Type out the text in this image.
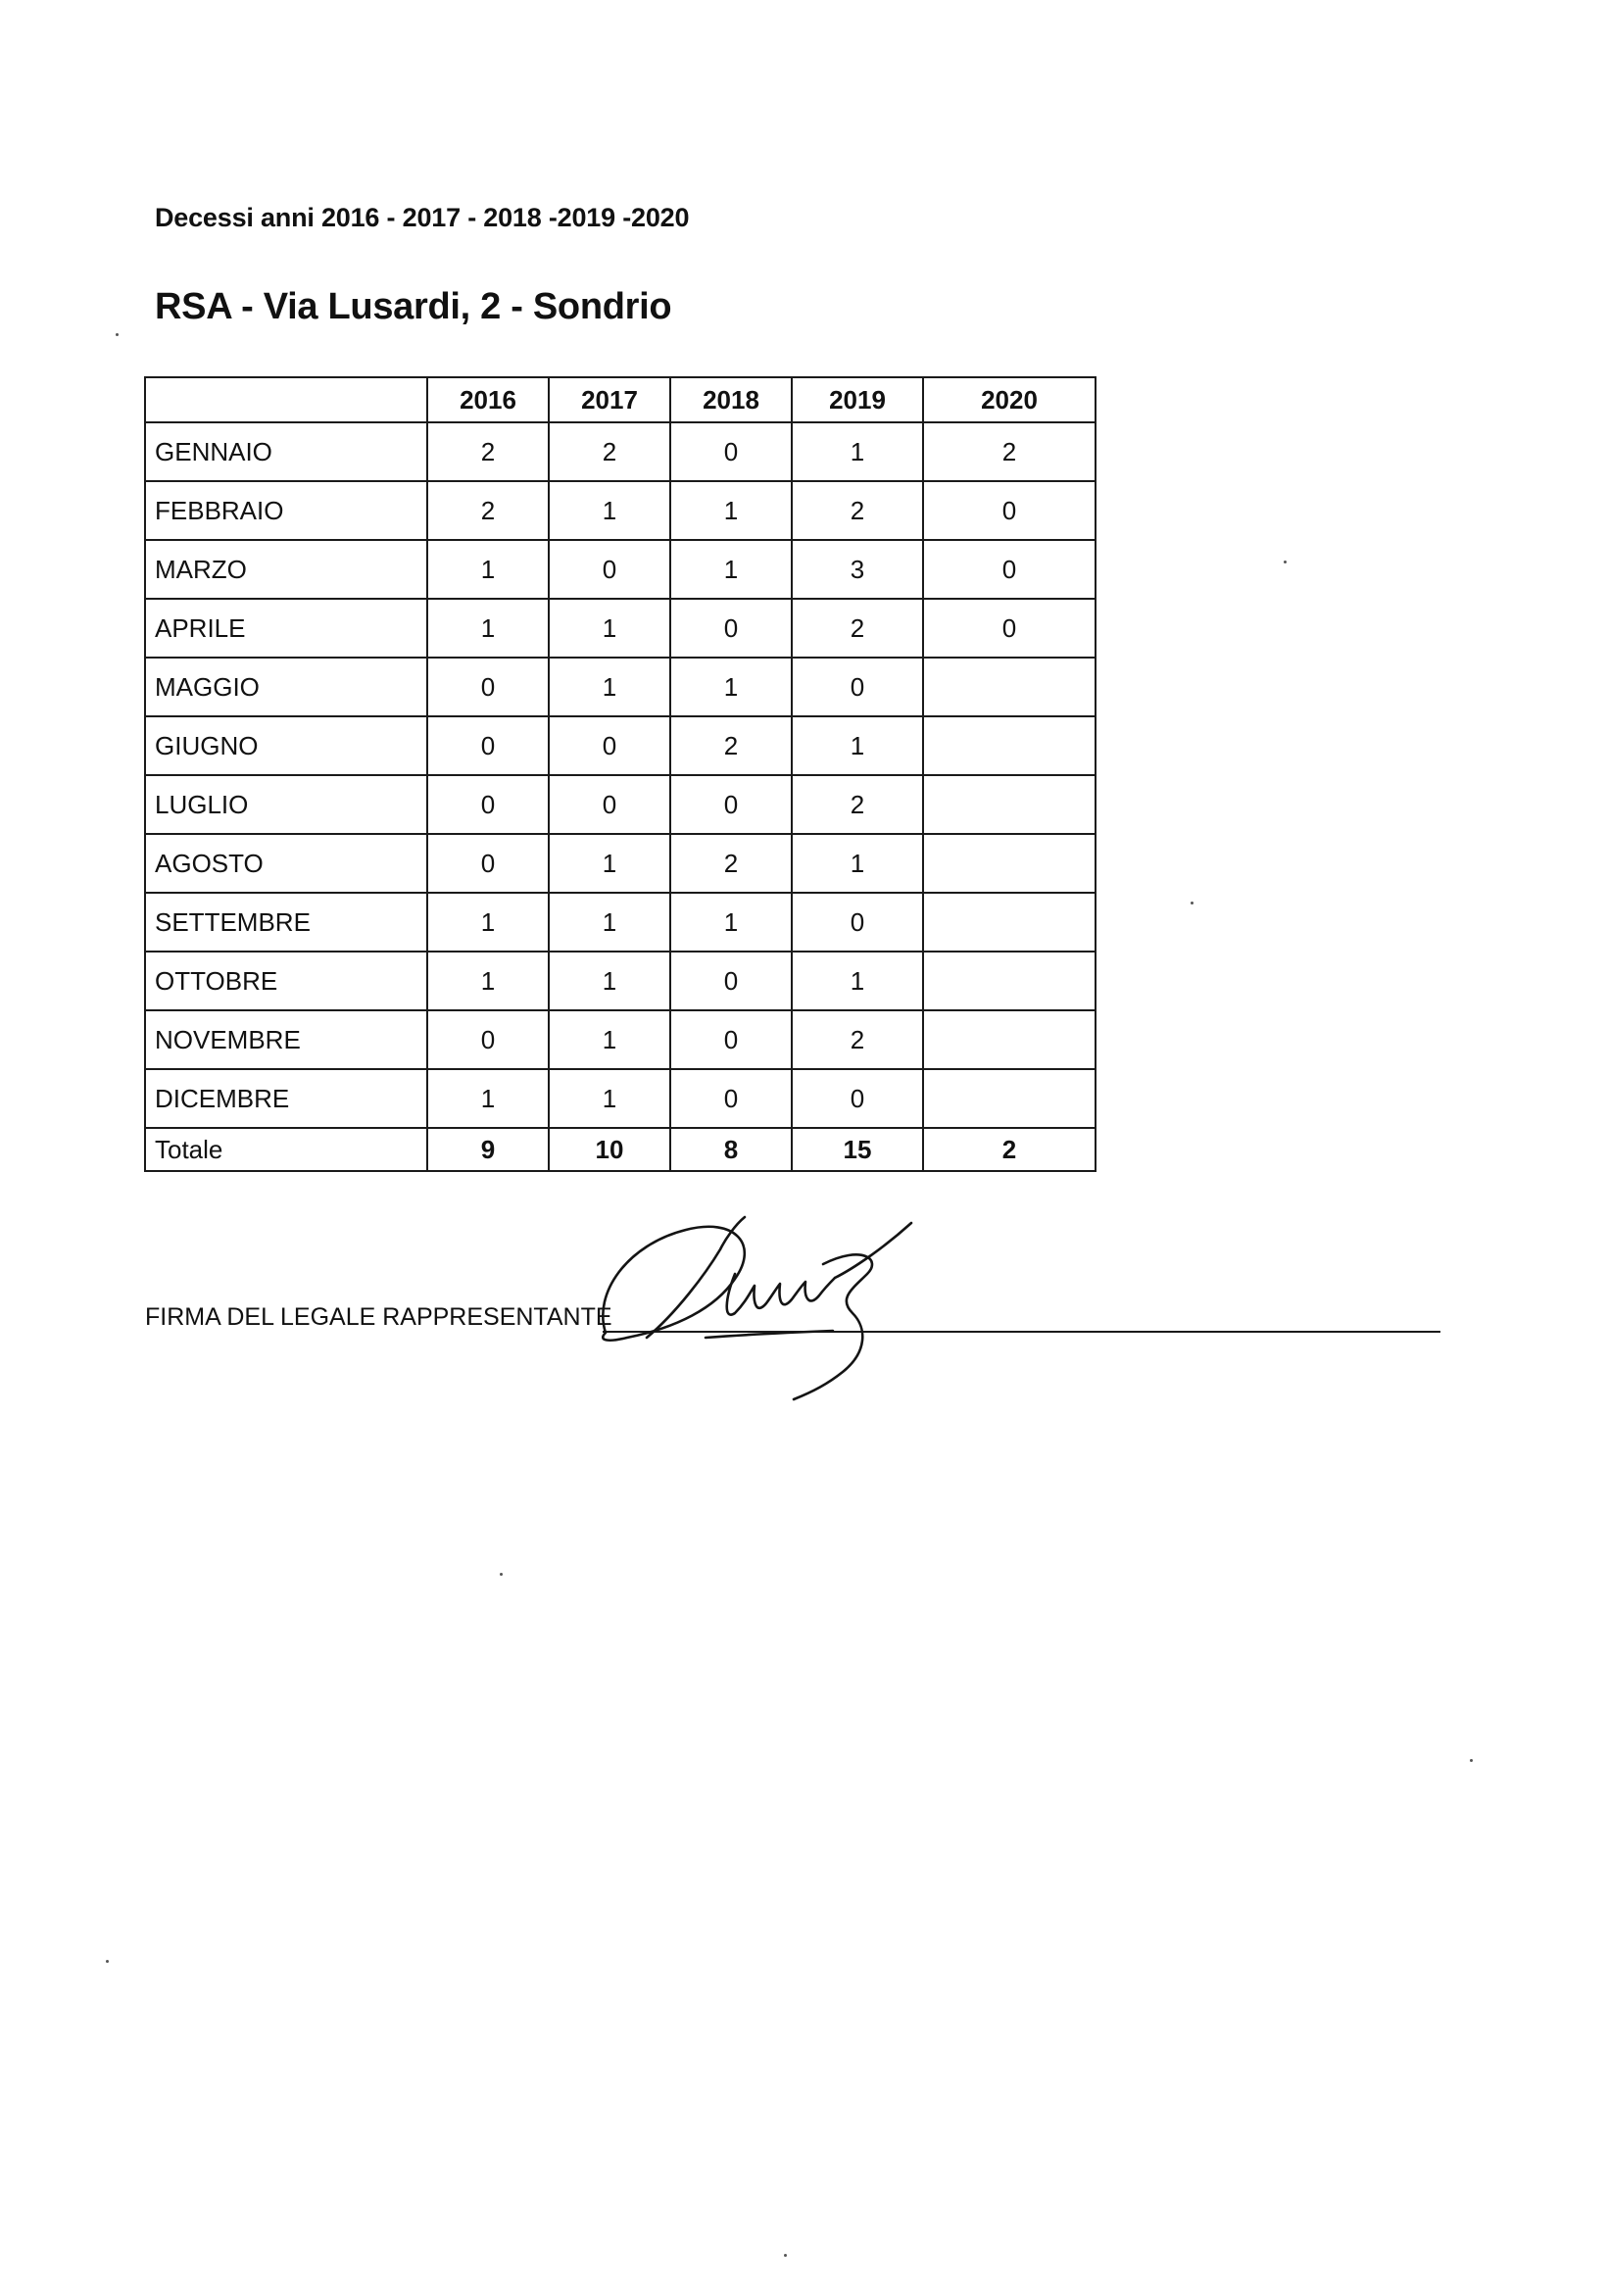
Decessi anni 2016 - 2017 - 2018 -2019 -2020
RSA - Via Lusardi, 2 - Sondrio
	2016	2017	2018	2019	2020
GENNAIO	2	2	0	1	2
FEBBRAIO	2	1	1	2	0
MARZO	1	0	1	3	0
APRILE	1	1	0	2	0
MAGGIO	0	1	1	0	
GIUGNO	0	0	2	1	
LUGLIO	0	0	0	2	
AGOSTO	0	1	2	1	
SETTEMBRE	1	1	1	0	
OTTOBRE	1	1	0	1	
NOVEMBRE	0	1	0	2	
DICEMBRE	1	1	0	0	
Totale	9	10	8	15	2
FIRMA DEL LEGALE RAPPRESENTANTE
